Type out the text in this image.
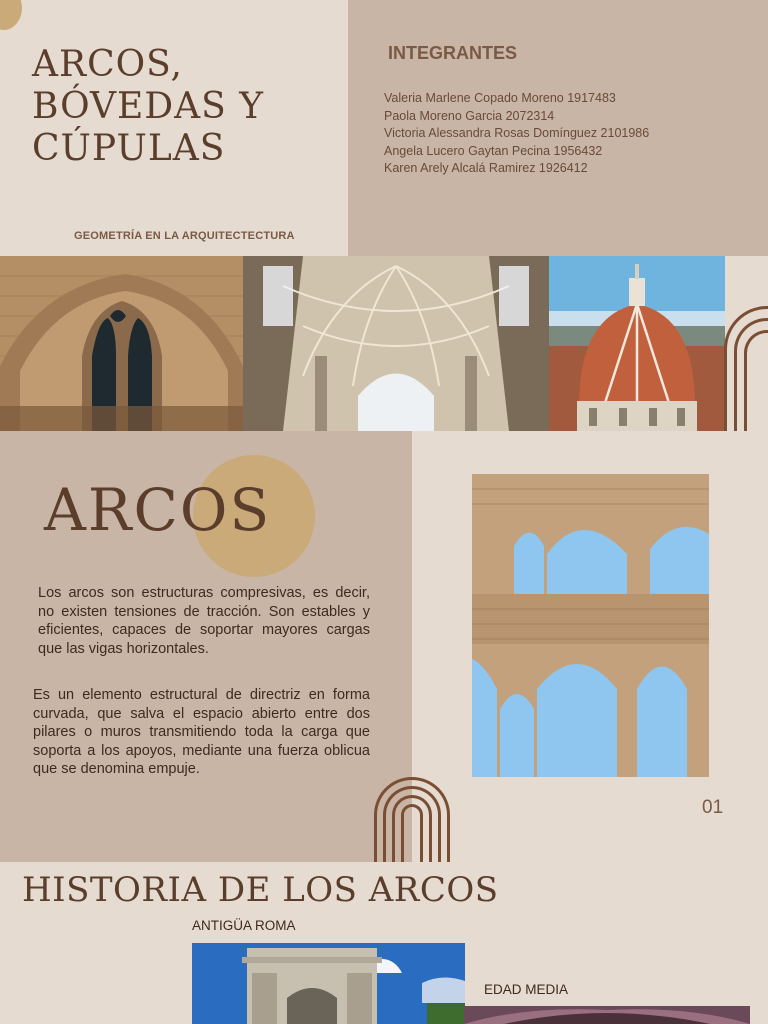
ARCOS,
BÓVEDAS Y
CÚPULAS
GEOMETRÍA EN LA ARQUITECTECTURA
INTEGRANTES
Valeria Marlene Copado Moreno 1917483
Paola Moreno Garcia 2072314
Victoria Alessandra Rosas Domínguez 2101986
Angela Lucero Gaytan Pecina 1956432
Karen Arely Alcalá Ramirez 1926412
ARCOS
Los arcos son estructuras compresivas, es decir, no existen tensiones de tracción. Son estables y eficientes, capaces de soportar mayores cargas que las vigas horizontales.
Es un elemento estructural de directriz en forma curvada, que salva el espacio abierto entre dos pilares o muros transmitiendo toda la carga que soporta a los apoyos, mediante una fuerza oblicua que se denomina empuje.
01
HISTORIA DE LOS ARCOS
ANTIGÜA ROMA
EDAD MEDIA
